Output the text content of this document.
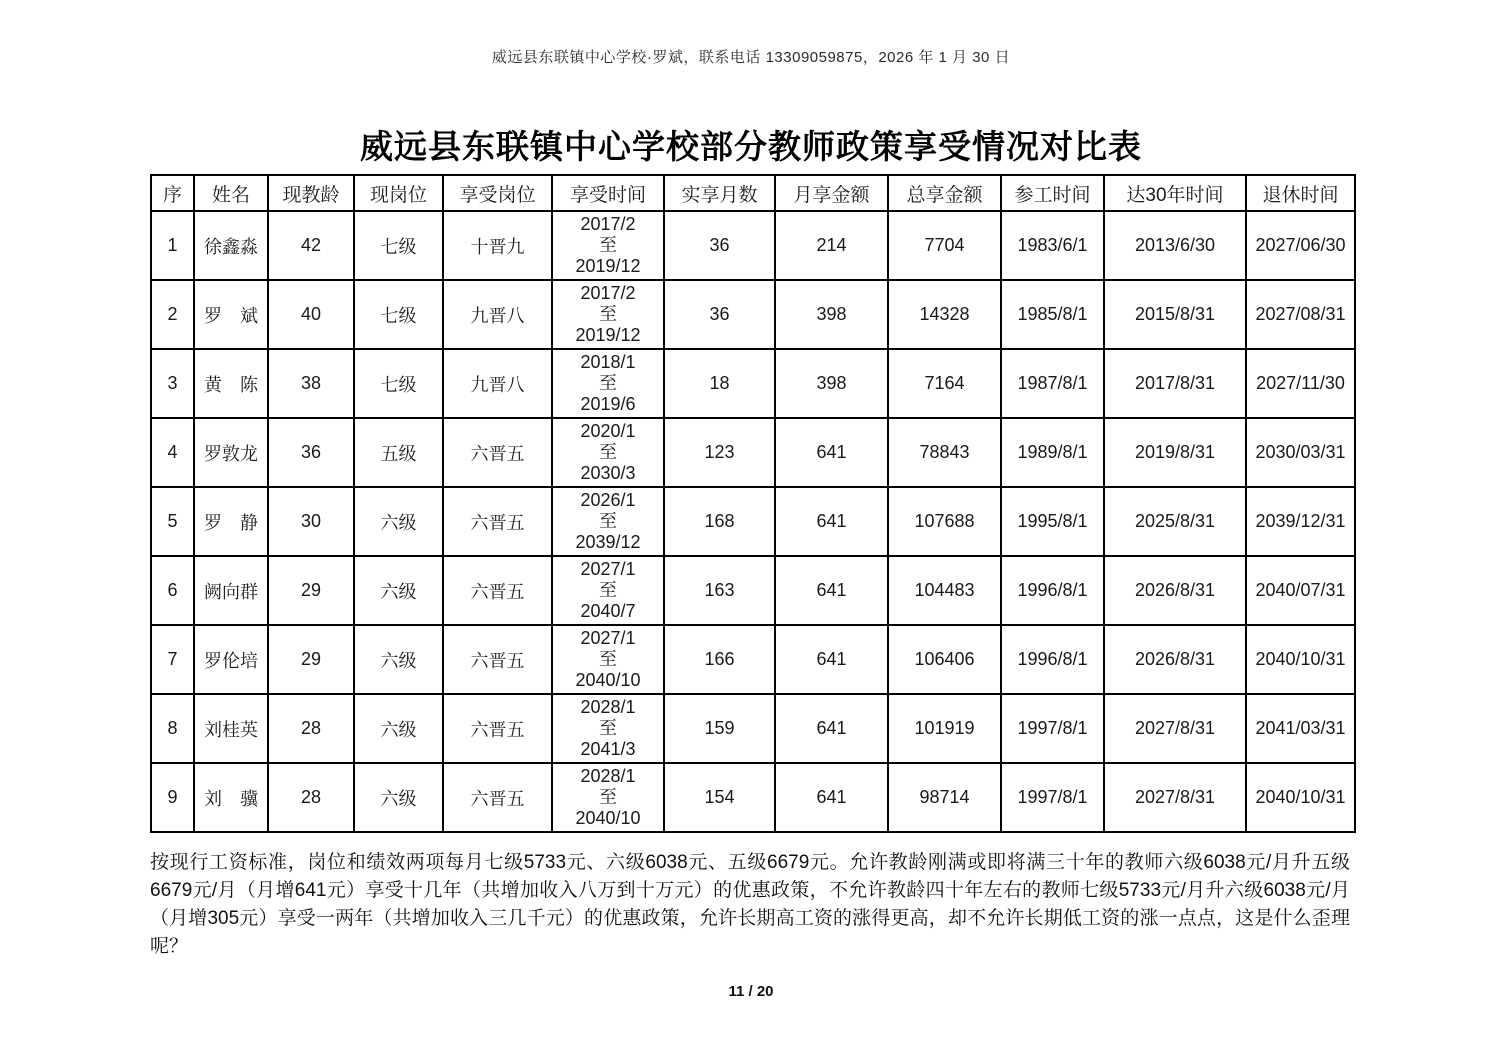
威远县东联镇中心学校·罗斌，联系电话 13309059875，2026 年 1 月 30 日
威远县东联镇中心学校部分教师政策享受情况对比表
序	姓名	现教龄	现岗位	享受岗位	享受时间	实享月数	月享金额	总享金额	参工时间	达30年时间	退休时间
1	徐鑫淼	42	七级	十晋九	2017/2
至
2019/12	36	214	7704	1983/6/1	2013/6/30	2027/06/30
2	罗　斌	40	七级	九晋八	2017/2
至
2019/12	36	398	14328	1985/8/1	2015/8/31	2027/08/31
3	黄　陈	38	七级	九晋八	2018/1
至
2019/6	18	398	7164	1987/8/1	2017/8/31	2027/11/30
4	罗敦龙	36	五级	六晋五	2020/1
至
2030/3	123	641	78843	1989/8/1	2019/8/31	2030/03/31
5	罗　静	30	六级	六晋五	2026/1
至
2039/12	168	641	107688	1995/8/1	2025/8/31	2039/12/31
6	阙向群	29	六级	六晋五	2027/1
至
2040/7	163	641	104483	1996/8/1	2026/8/31	2040/07/31
7	罗伦培	29	六级	六晋五	2027/1
至
2040/10	166	641	106406	1996/8/1	2026/8/31	2040/10/31
8	刘桂英	28	六级	六晋五	2028/1
至
2041/3	159	641	101919	1997/8/1	2027/8/31	2041/03/31
9	刘　骥	28	六级	六晋五	2028/1
至
2040/10	154	641	98714	1997/8/1	2027/8/31	2040/10/31

按现行工资标准，岗位和绩效两项每月七级5733元、六级6038元、五级6679元。允许教龄刚满或即将满三十年的教师六级6038元/月升五级6679元/月（月增641元）享受十几年（共增加收入八万到十万元）的优惠政策，不允许教龄四十年左右的教师七级5733元/月升六级6038元/月（月增305元）享受一两年（共增加收入三几千元）的优惠政策，允许长期高工资的涨得更高，却不允许长期低工资的涨一点点，这是什么歪理呢？

11 / 20
